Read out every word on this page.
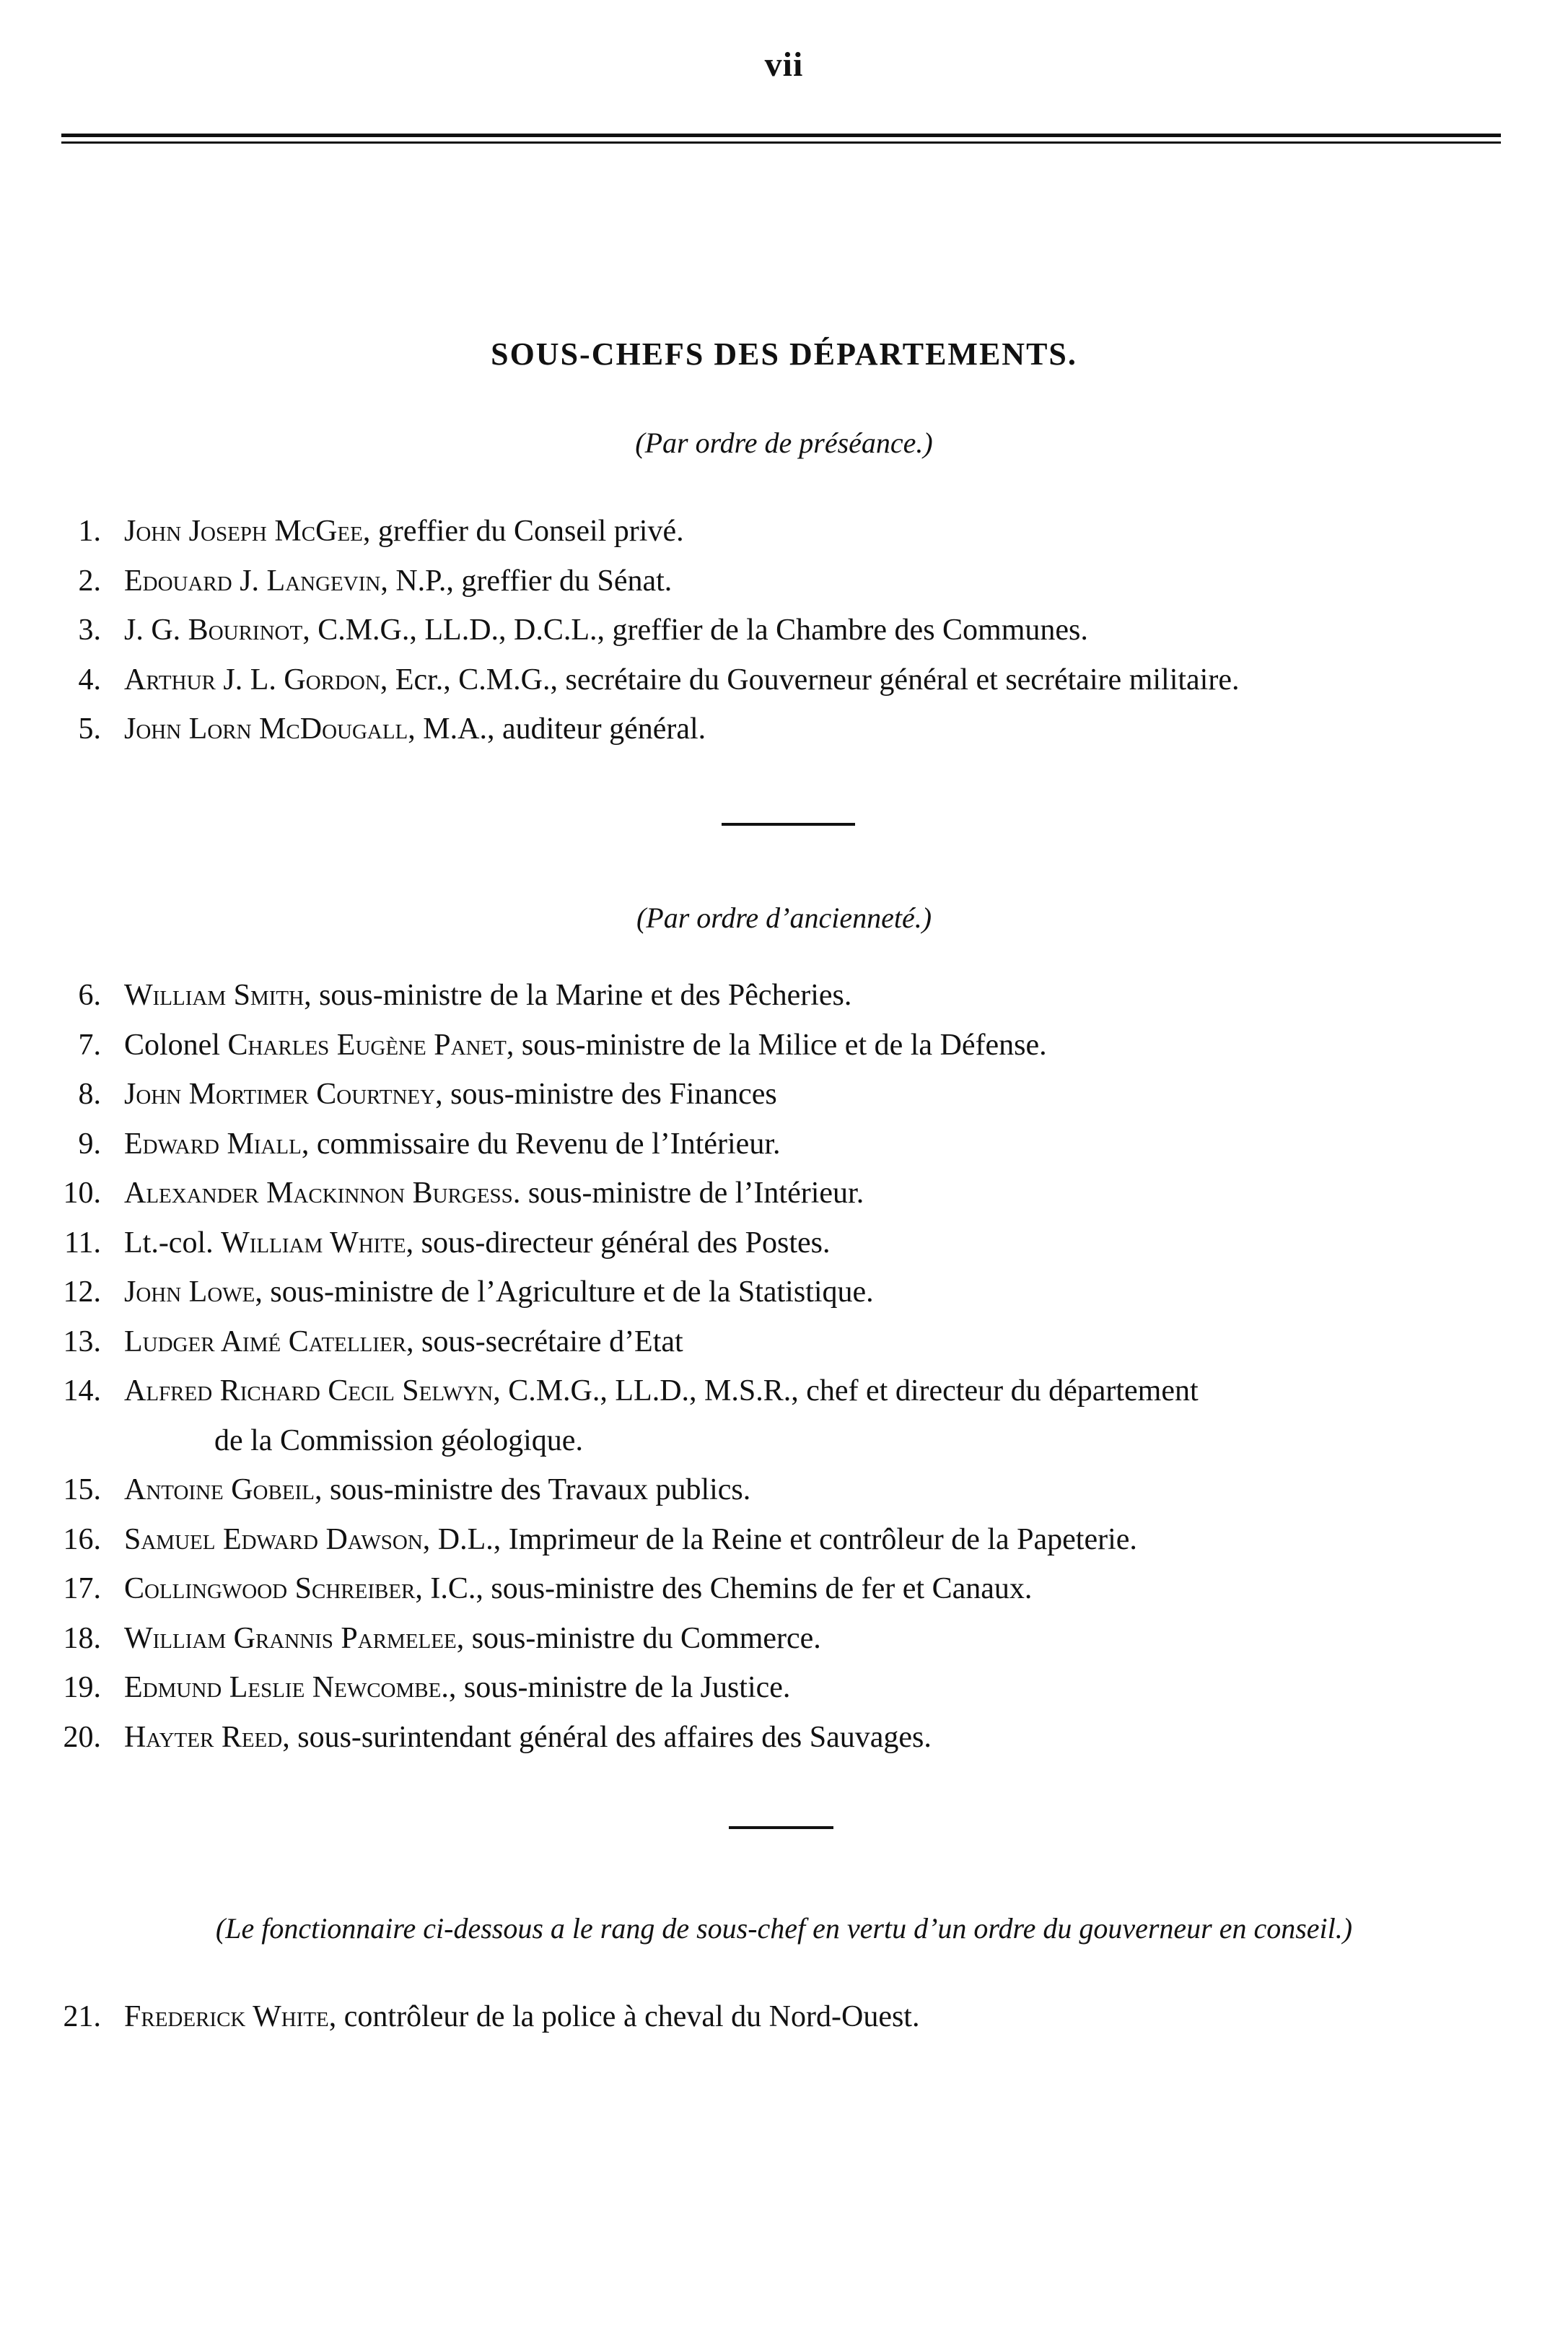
vii
SOUS-CHEFS DES DÉPARTEMENTS.
(Par ordre de préséance.)
1. John Joseph McGee, greffier du Conseil privé.
2. Edouard J. Langevin, N.P., greffier du Sénat.
3. J. G. Bourinot, C.M.G., LL.D., D.C.L., greffier de la Chambre des Communes.
4. Arthur J. L. Gordon, Ecr., C.M.G., secrétaire du Gouverneur général et secrétaire militaire.
5. John Lorn McDougall, M.A., auditeur général.
(Par ordre d’ancienneté.)
6. William Smith, sous-ministre de la Marine et des Pêcheries.
7. Colonel Charles Eugène Panet, sous-ministre de la Milice et de la Défense.
8. John Mortimer Courtney, sous-ministre des Finances
9. Edward Miall, commissaire du Revenu de l’Intérieur.
10. Alexander Mackinnon Burgess. sous-ministre de l’Intérieur.
11. Lt.-col. William White, sous-directeur général des Postes.
12. John Lowe, sous-ministre de l’Agriculture et de la Statistique.
13. Ludger Aimé Catellier, sous-secrétaire d’Etat
14. Alfred Richard Cecil Selwyn, C.M.G., LL.D., M.S.R., chef et directeur du département
de la Commission géologique.
15. Antoine Gobeil, sous-ministre des Travaux publics.
16. Samuel Edward Dawson, D.L., Imprimeur de la Reine et contrôleur de la Papeterie.
17. Collingwood Schreiber, I.C., sous-ministre des Chemins de fer et Canaux.
18. William Grannis Parmelee, sous-ministre du Commerce.
19. Edmund Leslie Newcombe., sous-ministre de la Justice.
20. Hayter Reed, sous-surintendant général des affaires des Sauvages.
(Le fonctionnaire ci-dessous a le rang de sous-chef en vertu d’un ordre du gouverneur en conseil.)
21. Frederick White, contrôleur de la police à cheval du Nord-Ouest.
